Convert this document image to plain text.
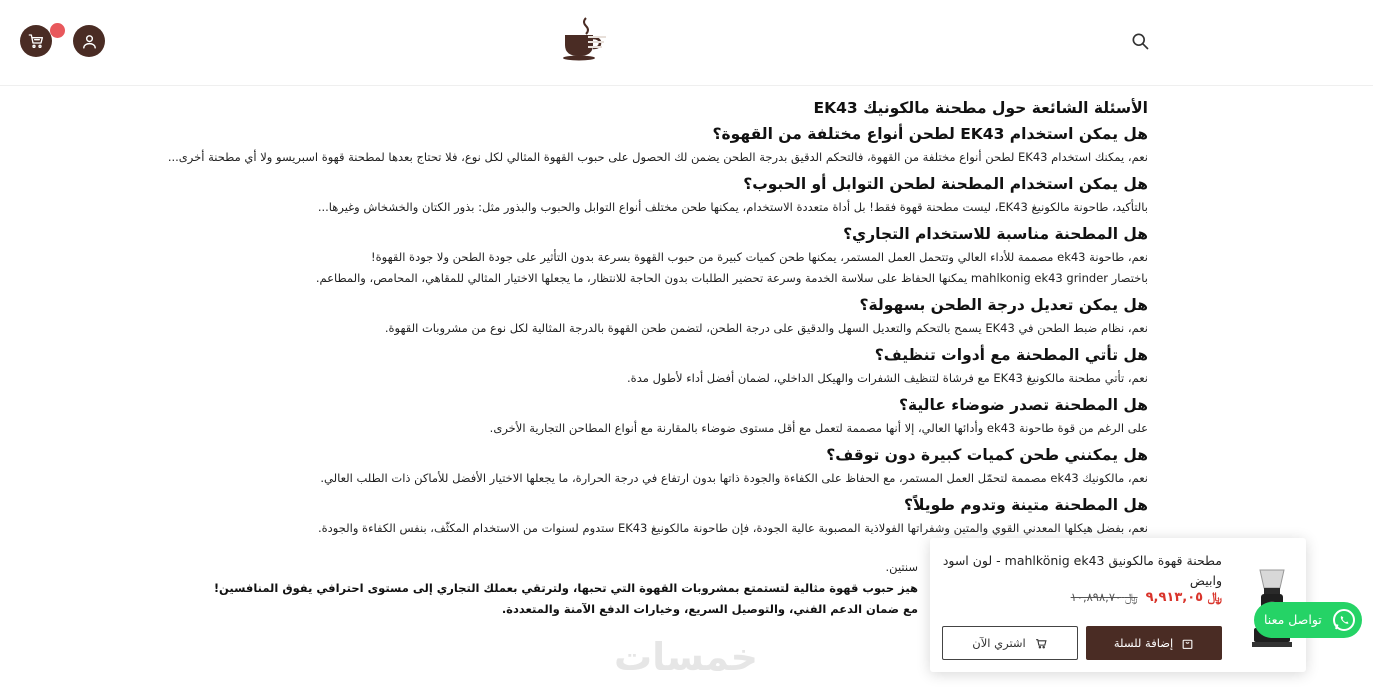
الأسئلة الشائعة حول مطحنة مالكونيك EK43
هل يمكن استخدام EK43 لطحن أنواع مختلفة من القهوة؟

نعم، يمكنك استخدام EK43 لطحن أنواع مختلفة من القهوة، فالتحكم الدقيق بدرجة الطحن يضمن لك الحصول على حبوب القهوة المثالي لكل نوع، فلا تحتاج بعدها لمطحنة قهوة اسبريسو ولا أي مطحنة أخرى...

هل يمكن استخدام المطحنة لطحن التوابل أو الحبوب؟

بالتأكيد، طاحونة مالكونيغ EK43، ليست مطحنة قهوة فقط! بل أداة متعددة الاستخدام، يمكنها طحن مختلف أنواع التوابل والحبوب والبذور مثل: بذور الكتان والخشخاش وغيرها...

هل المطحنة مناسبة للاستخدام التجاري؟

نعم، طاحونة ek43 مصممة للأداء العالي وتتحمل العمل المستمر، يمكنها طحن كميات كبيرة من حبوب القهوة بسرعة بدون التأثير على جودة الطحن ولا جودة القهوة!

باختصار mahlkonig ek43 grinder يمكنها الحفاظ على سلاسة الخدمة وسرعة تحضير الطلبات بدون الحاجة للانتظار، ما يجعلها الاختيار المثالي للمقاهي، المحامص، والمطاعم.

هل يمكن تعديل درجة الطحن بسهولة؟

نعم، نظام ضبط الطحن في EK43 يسمح بالتحكم والتعديل السهل والدقيق على درجة الطحن، لتضمن طحن القهوة بالدرجة المثالية لكل نوع من مشروبات القهوة.

هل تأتي المطحنة مع أدوات تنظيف؟

نعم، تأتي مطحنة مالكونيغ EK43 مع فرشاة لتنظيف الشفرات والهيكل الداخلي، لضمان أفضل أداء لأطول مدة.

هل المطحنة تصدر ضوضاء عالية؟

على الرغم من قوة طاحونة ek43 وأدائها العالي، إلا أنها مصممة لتعمل مع أقل مستوى ضوضاء بالمقارنة مع أنواع المطاحن التجارية الأخرى.

هل يمكنني طحن كميات كبيرة دون توقف؟

نعم، مالكونيك ek43 مصممة لتحمّل العمل المستمر، مع الحفاظ على الكفاءة والجودة ذاتها بدون ارتفاع في درجة الحرارة، ما يجعلها الاختيار الأفضل للأماكن ذات الطلب العالي.

هل المطحنة متينة وتدوم طويلاً؟

نعم، بفضل هيكلها المعدني القوي والمتين وشفراتها الفولاذية المصبوبة عالية الجودة، فإن طاحونة مالكونيغ EK43 ستدوم لسنوات من الاستخدام المكثّف، بنفس الكفاءة والجودة.

سنتين.

هيز حبوب قهوة مثالية لتستمتع بمشروبات القهوة التي تحبها، ولترتقي بعملك التجاري إلى مستوى احترافي يفوق المنافسين!

مع ضمان الدعم الفني، والتوصيل السريع، وخيارات الدفع الآمنة والمتعددة.

خمسات
مطحنة قهوة مالكونيق mahlkönig ek43 - لون اسود وابيض
﷼ ٩,٩١٣,٠٥
﷼ ١٠,٨٩٨,٧٠
إضافة للسلة
اشتري الآن
تواصل معنا
